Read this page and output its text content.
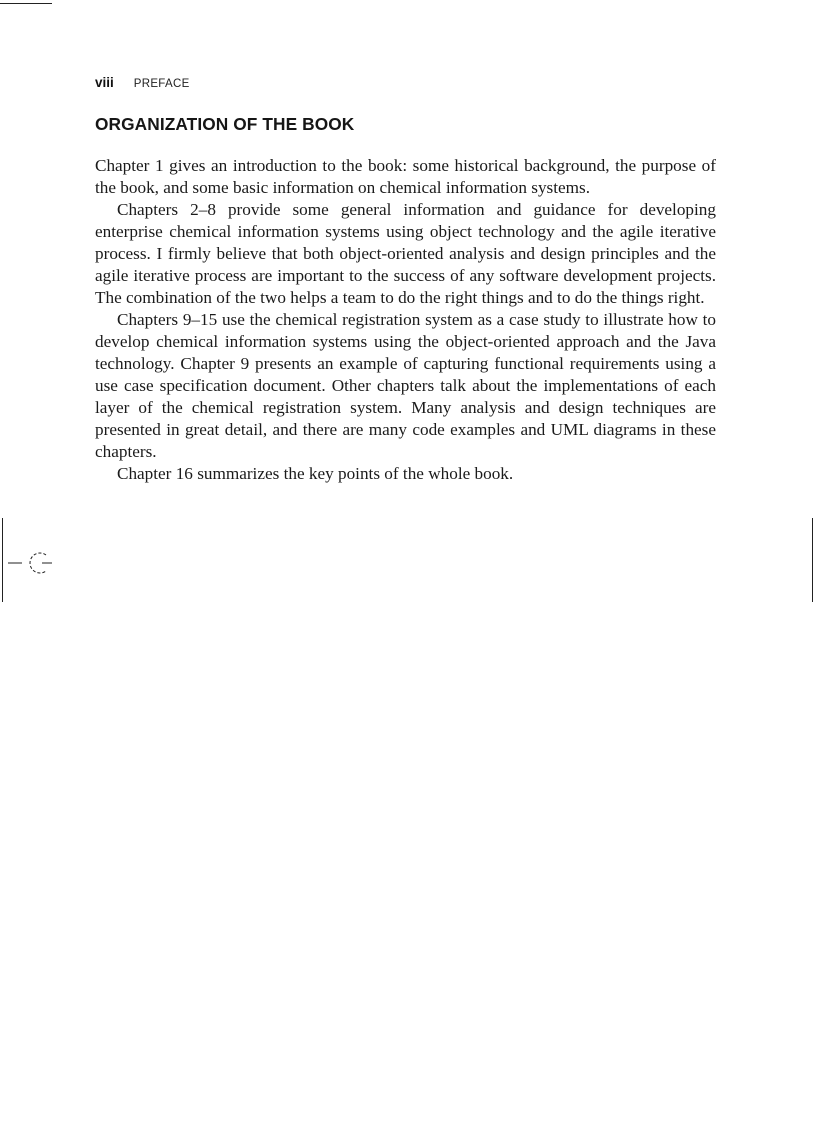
viii PREFACE
ORGANIZATION OF THE BOOK

Chapter 1 gives an introduction to the book: some historical background, the purpose of the book, and some basic information on chemical information systems.

Chapters 2–8 provide some general information and guidance for developing enterprise chemical information systems using object technology and the agile iterative process. I firmly believe that both object-oriented analysis and design principles and the agile iterative process are important to the success of any software development projects. The combination of the two helps a team to do the right things and to do the things right.

Chapters 9–15 use the chemical registration system as a case study to illustrate how to develop chemical information systems using the object-oriented approach and the Java technology. Chapter 9 presents an example of capturing functional requirements using a use case specification document. Other chapters talk about the implementations of each layer of the chemical registration system. Many analysis and design techniques are presented in great detail, and there are many code examples and UML diagrams in these chapters.

Chapter 16 summarizes the key points of the whole book.
